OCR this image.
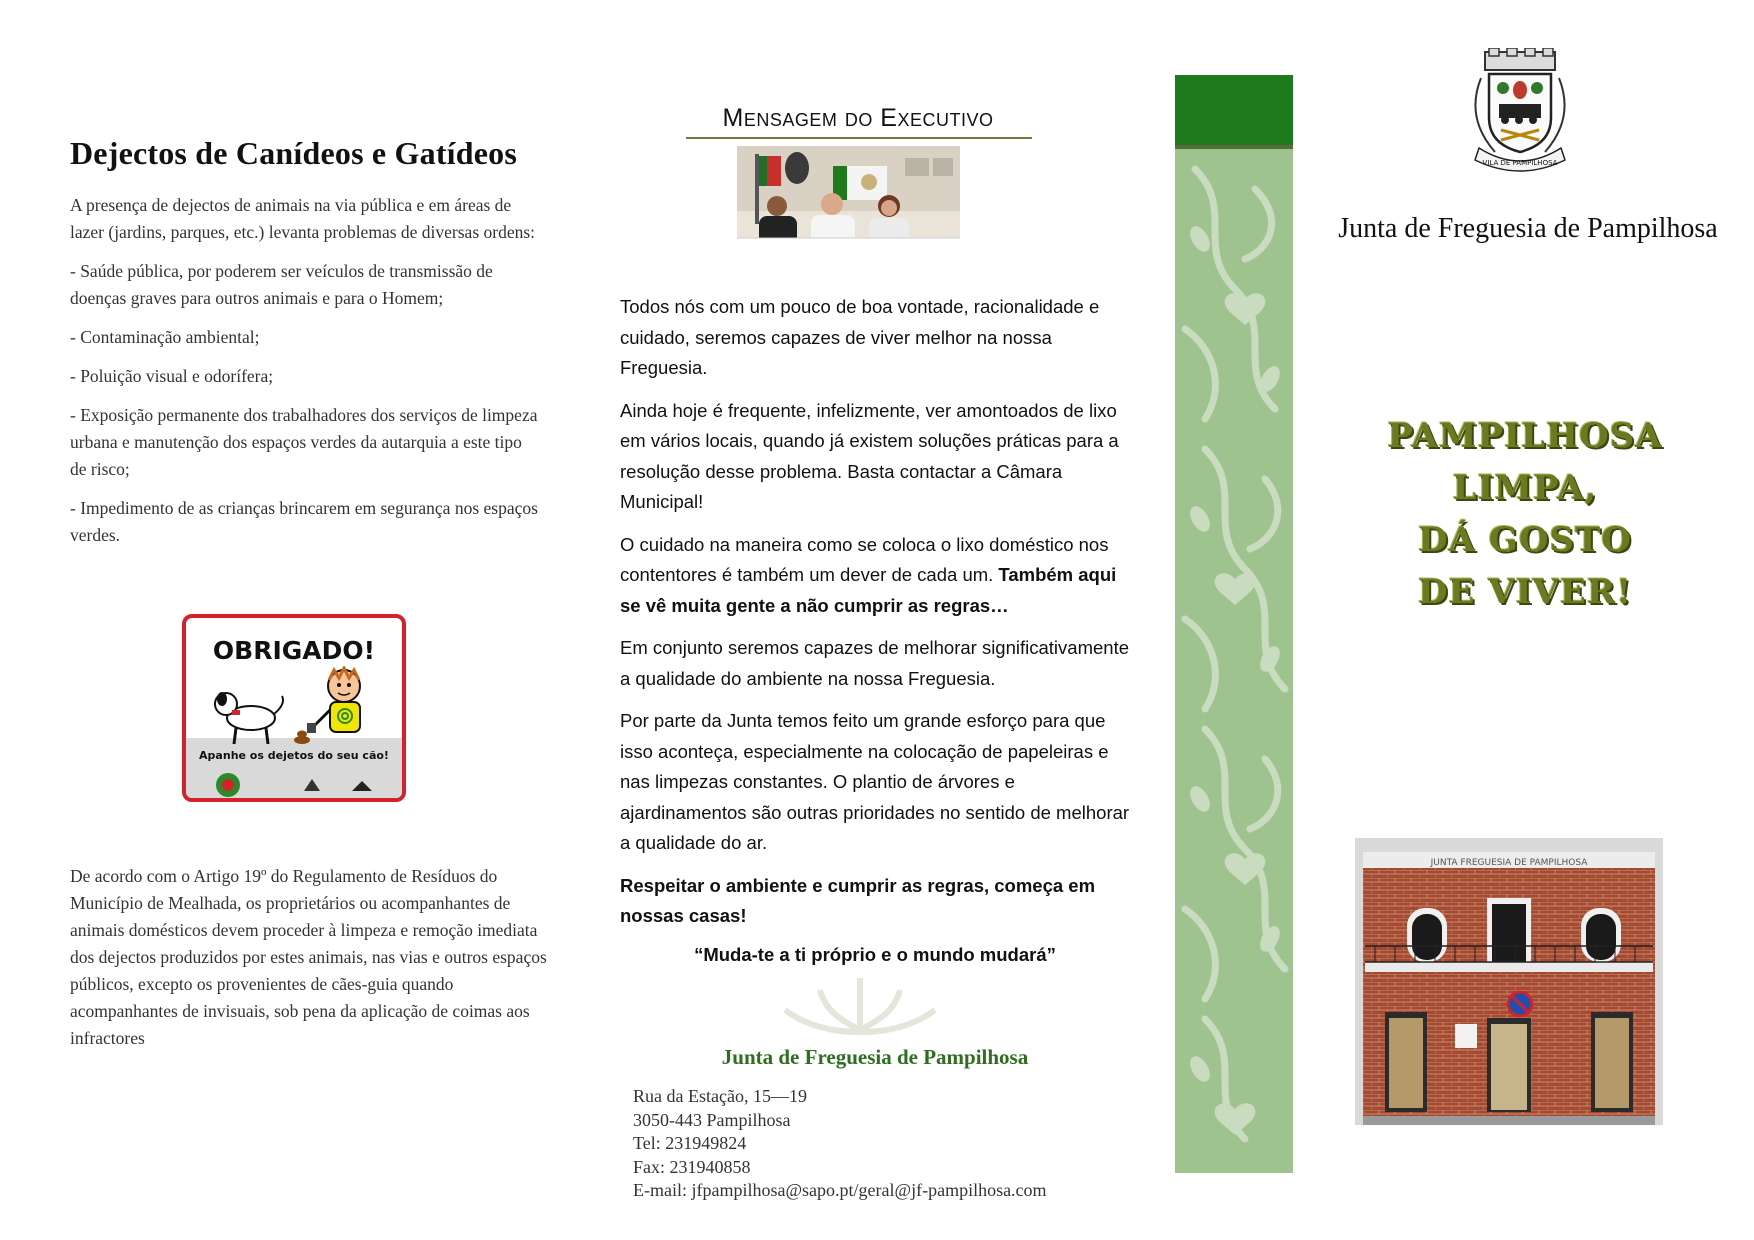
Dejectos de Canídeos e Gatídeos

A presença de dejectos de animais na via pública e em áreas de lazer (jardins, parques, etc.) levanta problemas de diversas ordens:

- Saúde pública, por poderem ser veículos de transmissão de doenças graves para outros animais e para o Homem;

- Contaminação ambiental;

- Poluição visual e odorífera;

- Exposição permanente dos trabalhadores dos serviços de limpeza urbana e manutenção dos espaços verdes da autarquia a este tipo de risco;

- Impedimento de as crianças brincarem em segurança nos espaços verdes.

OBRIGADO!
Apanhe os dejetos do seu cão!

De acordo com o Artigo 19º do Regulamento de Resíduos do Município de Mealhada, os proprietários ou acompanhantes de animais domésticos devem proceder à limpeza e remoção imediata dos dejectos produzidos por estes animais, nas vias e outros espaços públicos, excepto os provenientes de cães-guia quando acompanhantes de invisuais, sob pena da aplicação de coimas aos infractores

Mensagem do Executivo

Todos nós com um pouco de boa vontade, racionalidade e cuidado, seremos capazes de viver melhor na nossa Freguesia.

Ainda hoje é frequente, infelizmente, ver amontoados de lixo em vários locais, quando já existem soluções práticas para a resolução desse problema. Basta contactar a Câmara Municipal!

O cuidado na maneira como se coloca o lixo doméstico nos contentores é também um dever de cada um. Também aqui se vê muita gente a não cumprir as regras…

Em conjunto seremos capazes de melhorar significativamente a qualidade do ambiente na nossa Freguesia.

Por parte da Junta temos feito um grande esforço para que isso aconteça, especialmente na colocação de papeleiras e nas limpezas constantes. O plantio de árvores e ajardinamentos são outras prioridades no sentido de melhorar a qualidade do ar.

Respeitar o ambiente e cumprir as regras, começa em nossas casas!

“Muda-te a ti próprio e o mundo mudará”

Junta de Freguesia de Pampilhosa
Rua da Estação, 15—19
3050-443 Pampilhosa
Tel: 231949824
Fax: 231940858
E-mail: jfpampilhosa@sapo.pt/geral@jf-pampilhosa.com
VILA DE PAMPILHOSA
Junta de Freguesia de Pampilhosa
PAMPILHOSA
LIMPA,
DÁ GOSTO
DE VIVER!
JUNTA FREGUESIA DE PAMPILHOSA
